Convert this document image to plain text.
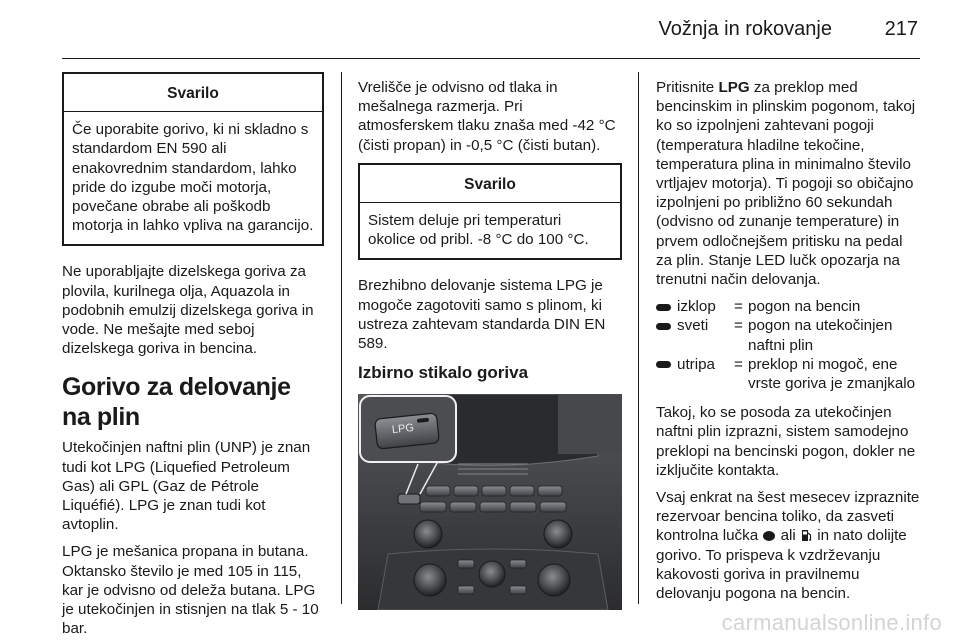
Vožnja in rokovanje	217
Svarilo
Če uporabite gorivo, ki ni skladno s standardom EN 590 ali enakovrednim standardom, lahko pride do izgube moči motorja, povečane obrabe ali poškodb motorja in lahko vpliva na garancijo.

Ne uporabljajte dizelskega goriva za plovila, kurilnega olja, Aquazola in podobnih emulzij dizelskega goriva in vode. Ne mešajte med seboj dizelskega goriva in bencina.

Gorivo za delovanje na plin

Utekočinjen naftni plin (UNP) je znan tudi kot LPG (Liquefied Petroleum Gas) ali GPL (Gaz de Pétrole Liquéfié). LPG je znan tudi kot avtoplin.

LPG je mešanica propana in butana. Oktansko število je med 105 in 115, kar je odvisno od deleža butana. LPG je utekočinjen in stisnjen na tlak 5 - 10 bar.

Vrelišče je odvisno od tlaka in mešalnega razmerja. Pri atmosferskem tlaku znaša med -42 °C (čisti propan) in -0,5 °C (čisti butan).

Svarilo
Sistem deluje pri temperaturi okolice od pribl. -8 °C do 100 °C.

Brezhibno delovanje sistema LPG je mogoče zagotoviti samo s plinom, ki ustreza zahtevam standarda DIN EN 589.

Izbirno stikalo goriva
LPG

Pritisnite LPG za preklop med bencinskim in plinskim pogonom, takoj ko so izpolnjeni zahtevani pogoji (temperatura hladilne tekočine, temperatura plina in minimalno število vrtljajev motorja). Ti pogoji so običajno izpolnjeni po približno 60 sekundah (odvisno od zunanje temperature) in prvem odločnejšem pritisku na pedal za plin. Stanje LED lučk opozarja na trenutni način delovanja.

izklop = pogon na bencin
sveti = pogon na utekočinjen naftni plin
utripa = preklop ni mogoč, ene vrste goriva je zmanjkalo

Takoj, ko se posoda za utekočinjen naftni plin izprazni, sistem samodejno preklopi na bencinski pogon, dokler ne izključite kontakta.

Vsaj enkrat na šest mesecev izpraznite rezervoar bencina toliko, da zasveti kontrolna lučka  ali  in nato dolijte gorivo. To prispeva k vzdrževanju kakovosti goriva in pravilnemu delovanju pogona na bencin.

carmanualsonline.info
